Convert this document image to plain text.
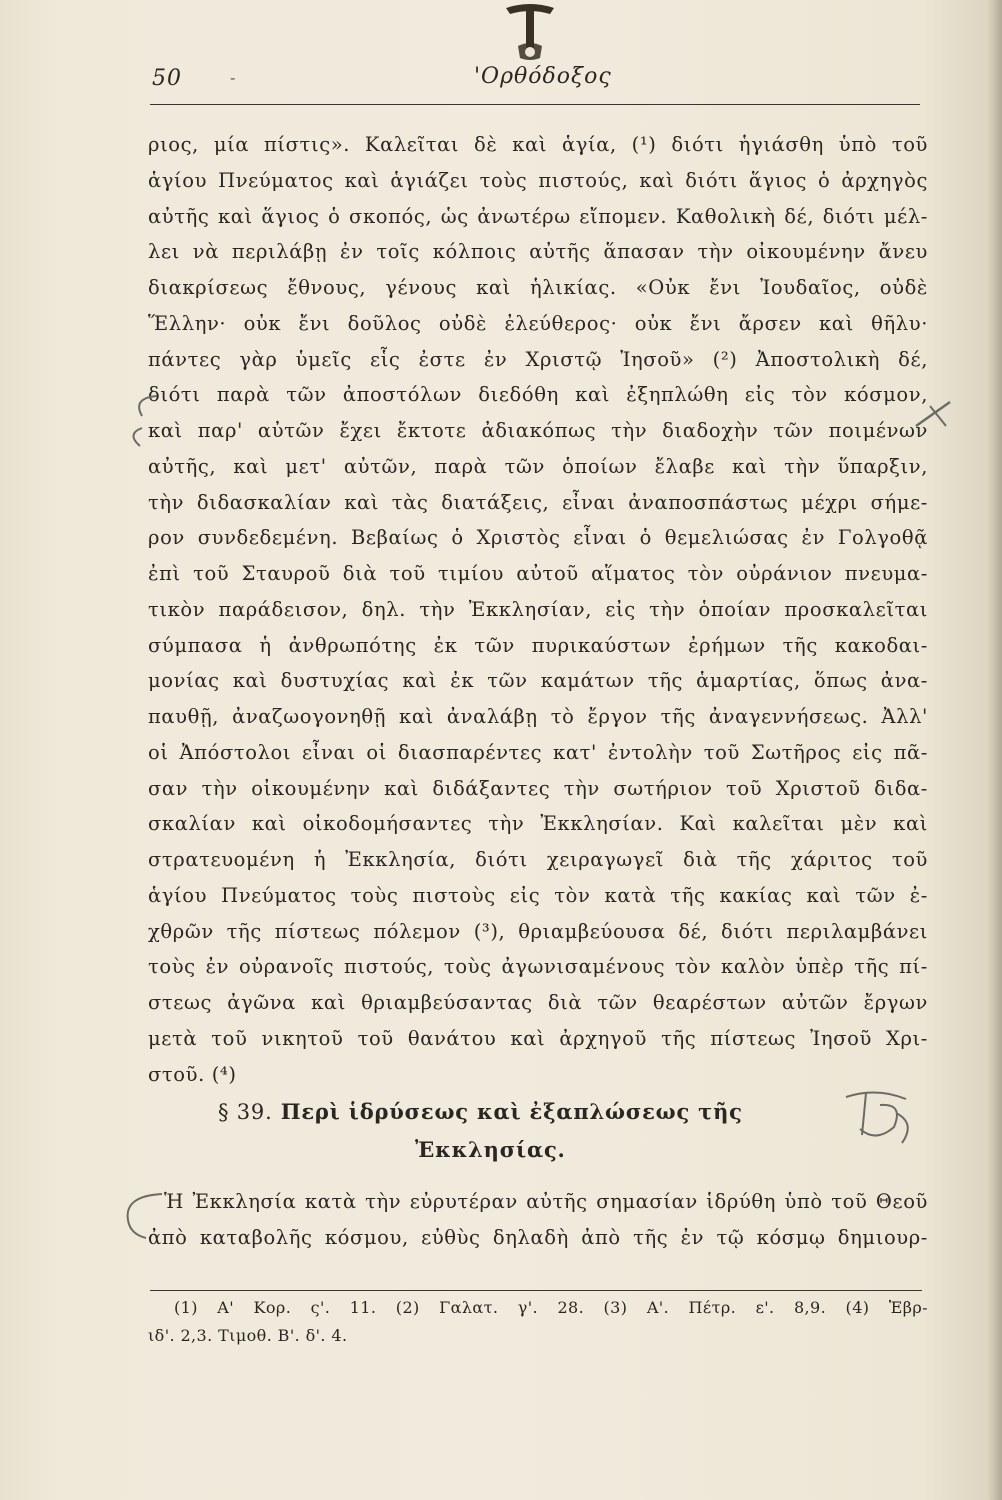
50	-	'Ορθόδοξος
ριος, μία πίστις». Καλεῖται δὲ καὶ ἁγία, (¹) διότι ἡγιάσθη ὑπὸ τοῦ
ἁγίου Πνεύματος καὶ ἁγιάζει τοὺς πιστούς, καὶ διότι ἅγιος ὁ ἀρχηγὸς
αὐτῆς καὶ ἅγιος ὁ σκοπός, ὡς ἀνωτέρω εἴπομεν. Καθολικὴ δέ, διότι μέλ-
λει νὰ περιλάβῃ ἐν τοῖς κόλποις αὐτῆς ἅπασαν τὴν οἰκουμένην ἄνευ
διακρίσεως ἔθνους, γένους καὶ ἡλικίας. «Οὐκ ἔνι Ἰουδαῖος, οὐδὲ
Ἕλλην· οὐκ ἔνι δοῦλος οὐδὲ ἐλεύθερος· οὐκ ἔνι ἄρσεν καὶ θῆλυ·
πάντες γὰρ ὑμεῖς εἷς ἐστε ἐν Χριστῷ Ἰησοῦ» (²) Ἀποστολικὴ δέ,
διότι παρὰ τῶν ἀποστόλων διεδόθη καὶ ἐξηπλώθη εἰς τὸν κόσμον,
καὶ παρ' αὐτῶν ἔχει ἔκτοτε ἀδιακόπως τὴν διαδοχὴν τῶν ποιμένων
αὐτῆς, καὶ μετ' αὐτῶν, παρὰ τῶν ὁποίων ἔλαβε καὶ τὴν ὕπαρξιν,
τὴν διδασκαλίαν καὶ τὰς διατάξεις, εἶναι ἀναποσπάστως μέχρι σήμε-
ρον συνδεδεμένη. Βεβαίως ὁ Χριστὸς εἶναι ὁ θεμελιώσας ἐν Γολγοθᾷ
ἐπὶ τοῦ Σταυροῦ διὰ τοῦ τιμίου αὐτοῦ αἵματος τὸν οὐράνιον πνευμα-
τικὸν παράδεισον, δηλ. τὴν Ἐκκλησίαν, εἰς τὴν ὁποίαν προσκαλεῖται
σύμπασα ἡ ἀνθρωπότης ἐκ τῶν πυρικαύστων ἐρήμων τῆς κακοδαι-
μονίας καὶ δυστυχίας καὶ ἐκ τῶν καμάτων τῆς ἁμαρτίας, ὅπως ἀνα-
παυθῇ, ἀναζωογονηθῇ καὶ ἀναλάβῃ τὸ ἔργον τῆς ἀναγεννήσεως. Ἀλλ'
οἱ Ἀπόστολοι εἶναι οἱ διασπαρέντες κατ' ἐντολὴν τοῦ Σωτῆρος εἰς πᾶ-
σαν τὴν οἰκουμένην καὶ διδάξαντες τὴν σωτήριον τοῦ Χριστοῦ διδα-
σκαλίαν καὶ οἰκοδομήσαντες τὴν Ἐκκλησίαν. Καὶ καλεῖται μὲν καὶ
στρατευομένη ἡ Ἐκκλησία, διότι χειραγωγεῖ διὰ τῆς χάριτος τοῦ
ἁγίου Πνεύματος τοὺς πιστοὺς εἰς τὸν κατὰ τῆς κακίας καὶ τῶν ἐ-
χθρῶν τῆς πίστεως πόλεμον (³), θριαμβεύουσα δέ, διότι περιλαμβάνει
τοὺς ἐν οὐρανοῖς πιστούς, τοὺς ἀγωνισαμένους τὸν καλὸν ὑπὲρ τῆς πί-
στεως ἀγῶνα καὶ θριαμβεύσαντας διὰ τῶν θεαρέστων αὐτῶν ἔργων
μετὰ τοῦ νικητοῦ τοῦ θανάτου καὶ ἀρχηγοῦ τῆς πίστεως Ἰησοῦ Χρι-
στοῦ. (⁴)
§ 39. Περὶ ἱδρύσεως καὶ ἐξαπλώσεως τῆς
Ἐκκλησίας.
Ἡ Ἐκκλησία κατὰ τὴν εὐρυτέραν αὐτῆς σημασίαν ἱδρύθη ὑπὸ τοῦ Θεοῦ
ἀπὸ καταβολῆς κόσμου, εὐθὺς δηλαδὴ ἀπὸ τῆς ἐν τῷ κόσμῳ δημιουρ-
(1) Α' Κορ. ς'. 11. (2) Γαλατ. γ'. 28. (3) Α'. Πέτρ. ε'. 8,9. (4) Ἑβρ-
ιδ'. 2,3. Τιμοθ. Β'. δ'. 4.
